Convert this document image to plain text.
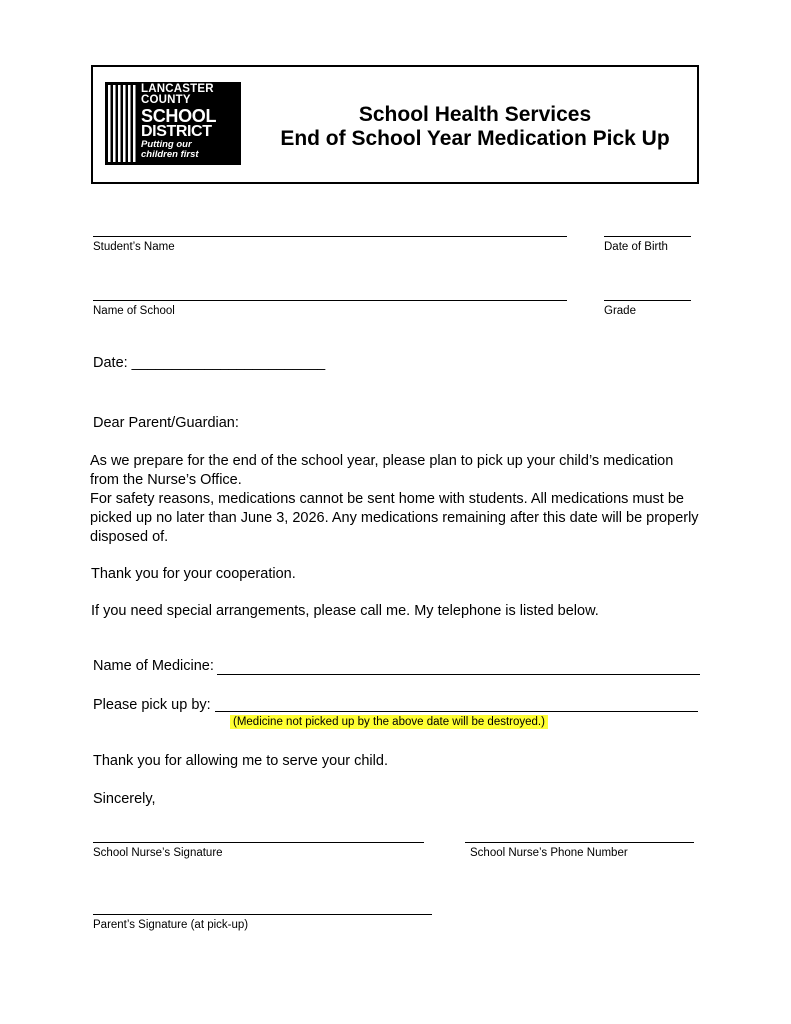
LANCASTER
COUNTY
SCHOOL
DISTRICT
Putting our
children first
School Health Services
End of School Year Medication Pick Up
Student’s Name	Date of Birth
Name of School	Grade
Date: ________________________
Dear Parent/Guardian:
As we prepare for the end of the school year, please plan to pick up your child’s medication
from the Nurse’s Office.
For safety reasons, medications cannot be sent home with students. All medications must be
picked up no later than June 3, 2026. Any medications remaining after this date will be properly
disposed of.
Thank you for your cooperation.
If you need special arrangements, please call me. My telephone is listed below.
Name of Medicine:
Please pick up by:
(Medicine not picked up by the above date will be destroyed.)
Thank you for allowing me to serve your child.
Sincerely,
School Nurse’s Signature	School Nurse’s Phone Number
Parent’s Signature (at pick-up)
